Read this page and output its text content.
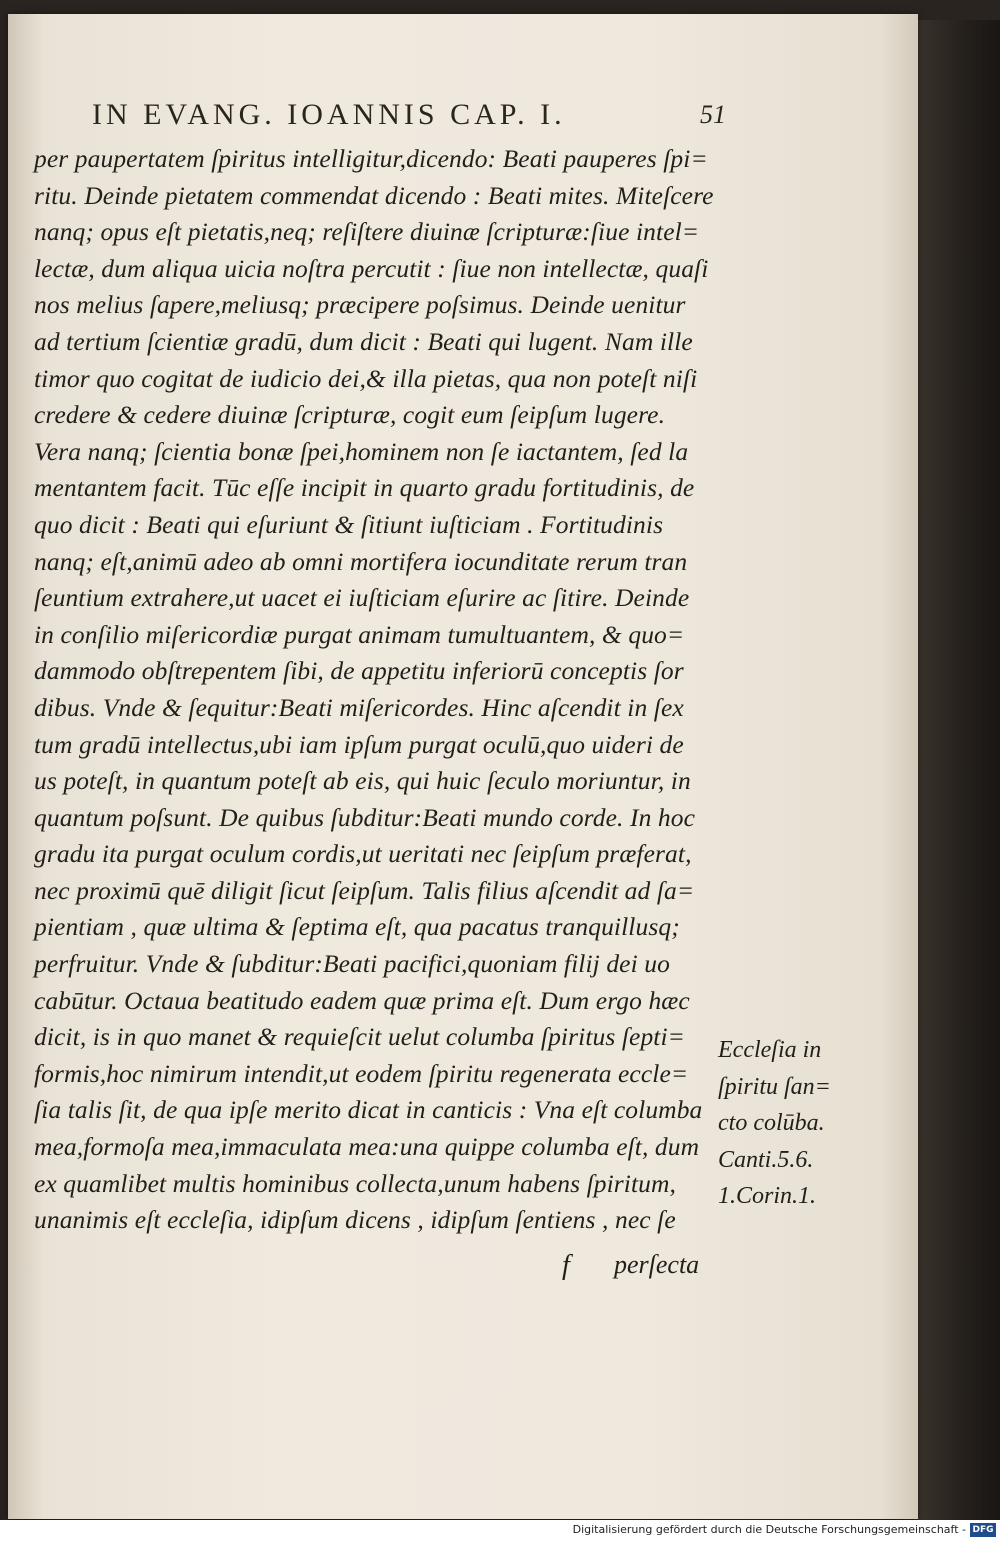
IN EVANG. IOANNIS CAP. I.	51
per paupertatem ſpiritus intelligitur,dicendo: Beati pauperes ſpi=
ritu. Deinde pietatem commendat dicendo : Beati mites. Miteſcere
nanq; opus eſt pietatis,neq; reſiſtere diuinæ ſcripturæ:ſiue intel=
lectæ, dum aliqua uicia noſtra percutit : ſiue non intellectæ, quaſi
nos melius ſapere,meliusq; præcipere poſsimus. Deinde uenitur
ad tertium ſcientiæ gradū, dum dicit : Beati qui lugent. Nam ille
timor quo cogitat de iudicio dei,& illa pietas, qua non poteſt niſi
credere & cedere diuinæ ſcripturæ, cogit eum ſeipſum lugere.
Vera nanq; ſcientia bonæ ſpei,hominem non ſe iactantem, ſed la
mentantem facit. Tūc eſſe incipit in quarto gradu fortitudinis, de
quo dicit : Beati qui eſuriunt & ſitiunt iuſticiam . Fortitudinis
nanq; eſt,animū adeo ab omni mortifera iocunditate rerum tran
ſeuntium extrahere,ut uacet ei iuſticiam eſurire ac ſitire. Deinde
in conſilio miſericordiæ purgat animam tumultuantem, & quo=
dammodo obſtrepentem ſibi, de appetitu inferiorū conceptis ſor
dibus. Vnde & ſequitur:Beati miſericordes. Hinc aſcendit in ſex
tum gradū intellectus,ubi iam ipſum purgat oculū,quo uideri de
us poteſt, in quantum poteſt ab eis, qui huic ſeculo moriuntur, in
quantum poſsunt. De quibus ſubditur:Beati mundo corde. In hoc
gradu ita purgat oculum cordis,ut ueritati nec ſeipſum præferat,
nec proximū quē diligit ſicut ſeipſum. Talis filius aſcendit ad ſa=
pientiam , quæ ultima & ſeptima eſt, qua pacatus tranquillusq;
perfruitur. Vnde & ſubditur:Beati pacifici,quoniam filij dei uo
cabūtur. Octaua beatitudo eadem quæ prima eſt. Dum ergo hæc
dicit, is in quo manet & requieſcit uelut columba ſpiritus ſepti=
formis,hoc nimirum intendit,ut eodem ſpiritu regenerata eccle=
ſia talis ſit, de qua ipſe merito dicat in canticis : Vna eſt columba
mea,formoſa mea,immaculata mea:una quippe columba eſt, dum
ex quamlibet multis hominibus collecta,unum habens ſpiritum,
unanimis eſt eccleſia, idipſum dicens , idipſum ſentiens , nec ſe
Eccleſia in
ſpiritu ſan=
cto colūba.
Canti.5.6.
1.Corin.1.
f perſecta
Digitalisierung gefördert durch die Deutsche Forschungsgemeinschaft - DFG
